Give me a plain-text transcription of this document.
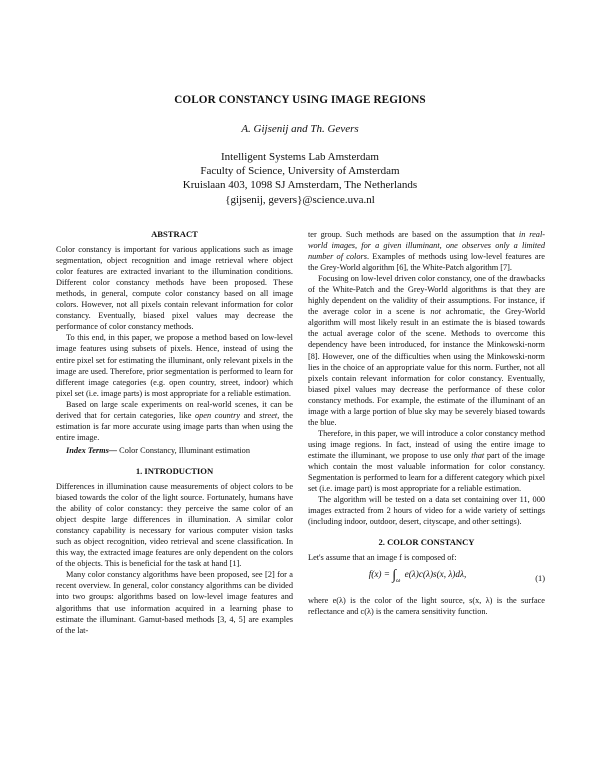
COLOR CONSTANCY USING IMAGE REGIONS
A. Gijsenij and Th. Gevers
Intelligent Systems Lab Amsterdam
Faculty of Science, University of Amsterdam
Kruislaan 403, 1098 SJ Amsterdam, The Netherlands
{gijsenij, gevers}@science.uva.nl
ABSTRACT

Color constancy is important for various applications such as image segmentation, object recognition and image retrieval where object color features are extracted invariant to the illumination conditions. Different color constancy methods have been proposed. These methods, in general, compute color constancy based on all image colors. However, not all pixels contain relevant information for color constancy. Eventually, biased pixel values may decrease the performance of color constancy methods.

To this end, in this paper, we propose a method based on low-level image features using subsets of pixels. Hence, instead of using the entire pixel set for estimating the illuminant, only relevant pixels in the image are used. Therefore, prior segmentation is performed to learn for different image categories (e.g. open country, street, indoor) which pixel set (i.e. image parts) is most appropriate for a reliable estimation.

Based on large scale experiments on real-world scenes, it can be derived that for certain categories, like open country and street, the estimation is far more accurate using image parts than when using the entire image.

Index Terms— Color Constancy, Illuminant estimation

1. INTRODUCTION

Differences in illumination cause measurements of object colors to be biased towards the color of the light source. Fortunately, humans have the ability of color constancy: they perceive the same color of an object despite large differences in illumination. A similar color constancy capability is necessary for various computer vision tasks such as object recognition, video retrieval and scene classification. In this way, the extracted image features are only dependent on the colors of the objects. This is beneficial for the task at hand [1].

Many color constancy algorithms have been proposed, see [2] for a recent overview. In general, color constancy algorithms can be divided into two groups: algorithms based on low-level image features and algorithms that use information acquired in a learning phase to estimate the illuminant. Gamut-based methods [3, 4, 5] are examples of the lat-

ter group. Such methods are based on the assumption that in real-world images, for a given illuminant, one observes only a limited number of colors. Examples of methods using low-level features are the Grey-World algorithm [6], the White-Patch algorithm [7].

Focusing on low-level driven color constancy, one of the drawbacks of the White-Patch and the Grey-World algorithms is that they are highly dependent on the validity of their assumptions. For instance, if the average color in a scene is not achromatic, the Grey-World algorithm will most likely result in an estimate the is biased towards the actual average color of the scene. Methods to overcome this dependency have been introduced, for instance the Minkowski-norm [8]. However, one of the difficulties when using the Minkowski-norm lies in the choice of an appropriate value for this norm. Further, not all pixels contain relevant information for color constancy. Eventually, biased pixel values may decrease the performance of these color constancy methods. For example, the estimate of the illuminant of an image with a large portion of blue sky may be severely biased towards the blue.

Therefore, in this paper, we will introduce a color constancy method using image regions. In fact, instead of using the entire image to estimate the illuminant, we propose to use only that part of the image which contain the most valuable information for color constancy. Segmentation is performed to learn for a different category which pixel set (i.e. image part) is most appropriate for a reliable estimation.

The algorithm will be tested on a data set containing over 11, 000 images extracted from 2 hours of video for a wide variety of settings (including indoor, outdoor, desert, cityscape, and other settings).

2. COLOR CONSTANCY

Let's assume that an image f is composed of:

$f(x) = \int_\omega$ e(λ)c(λ)s(x, λ)dλ,	(1)

where e(λ) is the color of the light source, s(x, λ) is the surface reflectance and c(λ) is the camera sensitivity function.
